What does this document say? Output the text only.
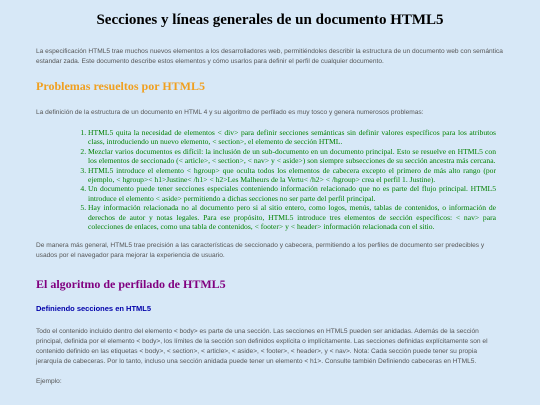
Secciones y líneas generales de un documento HTML5

La especificación HTML5 trae muchos nuevos elementos a los desarrolladores web, permitiéndoles describir la estructura de un documento web con semántica estandar zada. Este documento describe estos elementos y cómo usarlos para definir el perfil de cualquier documento.

Problemas resueltos por HTML5

La definición de la estructura de un documento en HTML 4 y su algoritmo de perfilado es muy tosco y genera numerosos problemas:

1. HTML5 quita la necesidad de elementos < div> para definir secciones semánticas sin definir valores específicos para los atributos class, introduciendo un nuevo elemento, < section>, el elemento de sección HTML.
2. Mezclar varios documentos es difícil: la inclusión de un sub-documento en un documento principal. Esto se resuelve en HTML5 con los elementos de seccionado (< article>, < section>, < nav> y < aside>) son siempre subsecciones de su sección ancestra más cercana.
3. HTML5 introduce el elemento < hgroup> que oculta todos los elementos de cabecera excepto el primero de más alto rango (por ejemplo, < hgroup>< h1>Justine< /h1> < h2>Les Malheurs de la Vertu< /h2> < /hgroup> crea el perfil 1. Justine).
4. Un documento puede tener secciones especiales conteniendo información relacionado que no es parte del flujo principal. HTML5 introduce el elemento < aside> permitiendo a dichas secciones no ser parte del perfil principal.
5. Hay información relacionada no al documento pero si al sitio entero, como logos, menús, tablas de contenidos, o información de derechos de autor y notas legales. Para ese propósito, HTML5 introduce tres elementos de sección específicos: < nav> para colecciones de enlaces, como una tabla de contenidos, < footer> y < header> información relacionada con el sitio.

De manera más general, HTML5 trae precisión a las características de seccionado y cabecera, permitiendo a los perfiles de documento ser predecibles y usados por el navegador para mejorar la experiencia de usuario.

El algoritmo de perfilado de HTML5
Definiendo secciones en HTML5

Todo el contenido incluido dentro del elemento < body> es parte de una sección. Las secciones en HTML5 pueden ser anidadas. Además de la sección principal, definida por el elemento < body>, los límites de la sección son definidos explícita o implícitamente. Las secciones definidas explícitamente son el contenido definido en las etiquetas < body>, < section>, < article>, < aside>, < footer>, < header>, y < nav>. Nota: Cada sección puede tener su propia jerarquía de cabeceras. Por lo tanto, incluso una sección anidada puede tener un elemento < h1>. Consulte también Definiendo cabeceras en HTML5.

Ejemplo:
